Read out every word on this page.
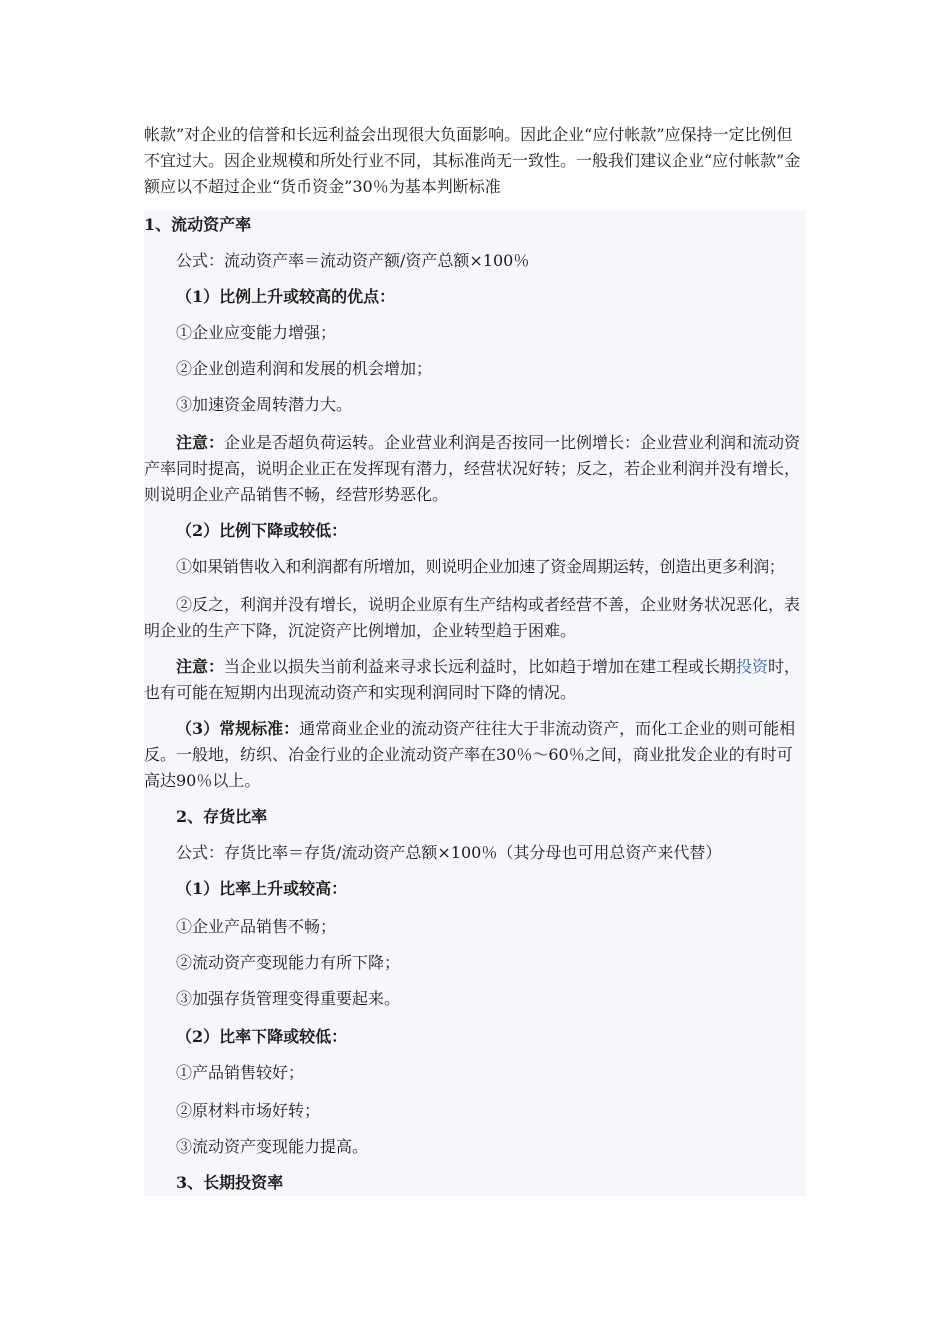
帐款”对企业的信誉和长远利益会出现很大负面影响。因此企业“应付帐款”应保持一定比例但不宜过大。因企业规模和所处行业不同，其标准尚无一致性。一般我们建议企业“应付帐款”金额应以不超过企业“货币资金”30％为基本判断标准

1、流动资产率

公式：流动资产率＝流动资产额/资产总额×100％

（1）比例上升或较高的优点：

①企业应变能力增强；

②企业创造利润和发展的机会增加；

③加速资金周转潜力大。

注意：企业是否超负荷运转。企业营业利润是否按同一比例增长：企业营业利润和流动资产率同时提高，说明企业正在发挥现有潜力，经营状况好转；反之，若企业利润并没有增长，则说明企业产品销售不畅，经营形势恶化。

（2）比例下降或较低：

①如果销售收入和利润都有所增加，则说明企业加速了资金周期运转，创造出更多利润；

②反之，利润并没有增长，说明企业原有生产结构或者经营不善，企业财务状况恶化，表明企业的生产下降，沉淀资产比例增加，企业转型趋于困难。

注意：当企业以损失当前利益来寻求长远利益时，比如趋于增加在建工程或长期投资时，也有可能在短期内出现流动资产和实现利润同时下降的情况。

（3）常规标准：通常商业企业的流动资产往往大于非流动资产，而化工企业的则可能相反。一般地，纺织、冶金行业的企业流动资产率在30％～60％之间，商业批发企业的有时可高达90％以上。

2、存货比率

公式：存货比率＝存货/流动资产总额×100％（其分母也可用总资产来代替）

（1）比率上升或较高：

①企业产品销售不畅；

②流动资产变现能力有所下降；

③加强存货管理变得重要起来。

（2）比率下降或较低：

①产品销售较好；

②原材料市场好转；

③流动资产变现能力提高。

3、长期投资率
